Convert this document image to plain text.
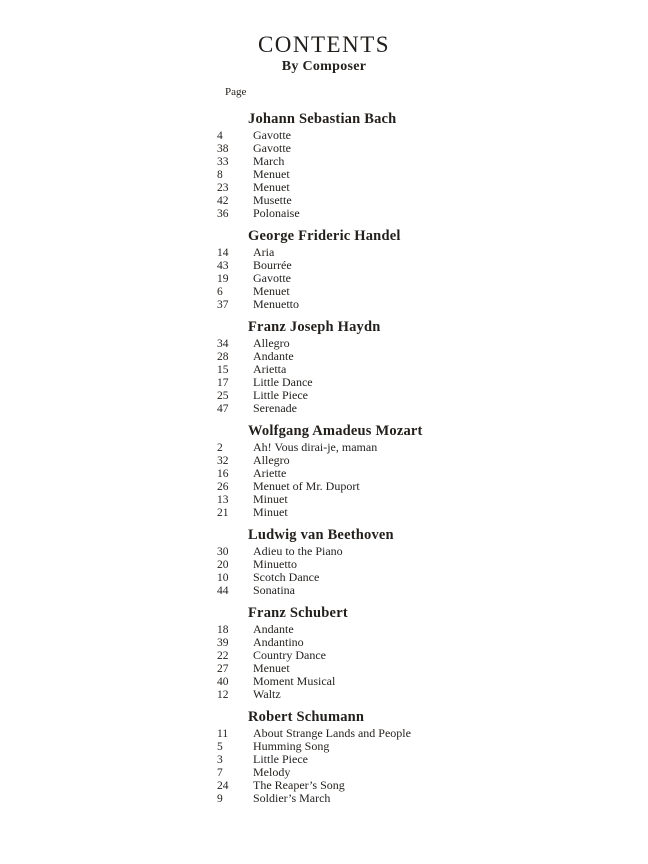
CONTENTS
By Composer
Page
Johann Sebastian Bach
4	Gavotte
38	Gavotte
33	March
8	Menuet
23	Menuet
42	Musette
36	Polonaise
George Frideric Handel
14	Aria
43	Bourrée
19	Gavotte
6	Menuet
37	Menuetto
Franz Joseph Haydn
34	Allegro
28	Andante
15	Arietta
17	Little Dance
25	Little Piece
47	Serenade
Wolfgang Amadeus Mozart
2	Ah! Vous dirai-je, maman
32	Allegro
16	Ariette
26	Menuet of Mr. Duport
13	Minuet
21	Minuet
Ludwig van Beethoven
30	Adieu to the Piano
20	Minuetto
10	Scotch Dance
44	Sonatina
Franz Schubert
18	Andante
39	Andantino
22	Country Dance
27	Menuet
40	Moment Musical
12	Waltz
Robert Schumann
11	About Strange Lands and People
5	Humming Song
3	Little Piece
7	Melody
24	The Reaper’s Song
9	Soldier’s March
